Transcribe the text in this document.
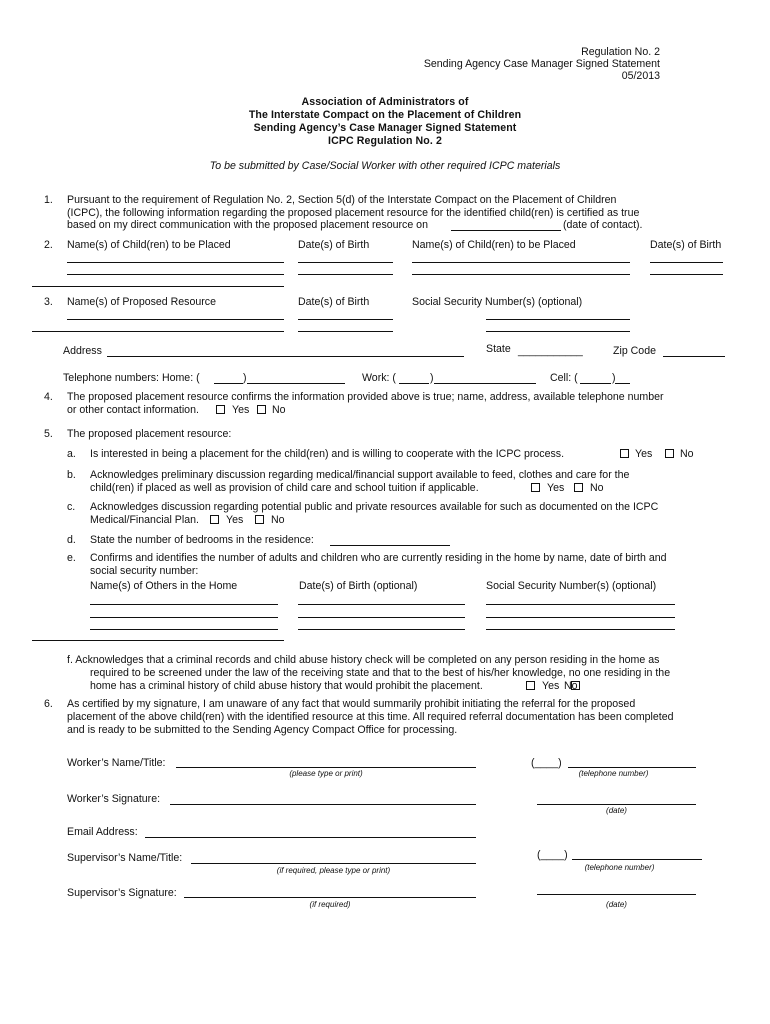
Regulation No. 2
Sending Agency Case Manager Signed Statement
05/2013
Association of Administrators of
The Interstate Compact on the Placement of Children
Sending Agency’s Case Manager Signed Statement
ICPC Regulation No. 2
To be submitted by Case/Social Worker with other required ICPC materials
1. Pursuant to the requirement of Regulation No. 2, Section 5(d) of the Interstate Compact on the Placement of Children
(ICPC), the following information regarding the proposed placement resource for the identified child(ren) is certified as true
based on my direct communication with the proposed placement resource on	(date of contact).
2. Name(s) of Child(ren) to be Placed	Date(s) of Birth	Name(s) of Child(ren) to be Placed	Date(s) of Birth
3. Name(s) of Proposed Resource	Date(s) of Birth	Social Security Number(s) (optional)
Address	State ___________	Zip Code
Telephone numbers: Home: (	)	Work: (	)	Cell: (	)
4. The proposed placement resource confirms the information provided above is true; name, address, available telephone number
or other contact information.	Yes No
5. The proposed placement resource:
a. Is interested in being a placement for the child(ren) and is willing to cooperate with the ICPC process.	Yes	No
b. Acknowledges preliminary discussion regarding medical/financial support available to feed, clothes and care for the
child(ren) if placed as well as provision of child care and school tuition if applicable.	Yes No
c. Acknowledges discussion regarding potential public and private resources available for such as documented on the ICPC
Medical/Financial Plan.	Yes	No
d. State the number of bedrooms in the residence:
e. Confirms and identifies the number of adults and children who are currently residing in the home by name, date of birth and
social security number:
Name(s) of Others in the Home	Date(s) of Birth (optional)	Social Security Number(s) (optional)
f. Acknowledges that a criminal records and child abuse history check will be completed on any person residing in the home as
required to be screened under the law of the receiving state and that to the best of his/her knowledge, no one residing in the
home has a criminal history of child abuse history that would prohibit the placement.	Yes No
6. As certified by my signature, I am unaware of any fact that would summarily prohibit initiating the referral for the proposed
placement of the above child(ren) with the identified resource at this time. All required referral documentation has been completed
and is ready to be submitted to the Sending Agency Compact Office for processing.
Worker’s Name/Title:
(please type or print)
(____)
(telephone number)
Worker’s Signature:
(date)
Email Address:
Supervisor’s Name/Title:
(if required, please type or print)
(____)
(telephone number)
Supervisor’s Signature:
(if required)	(date)
